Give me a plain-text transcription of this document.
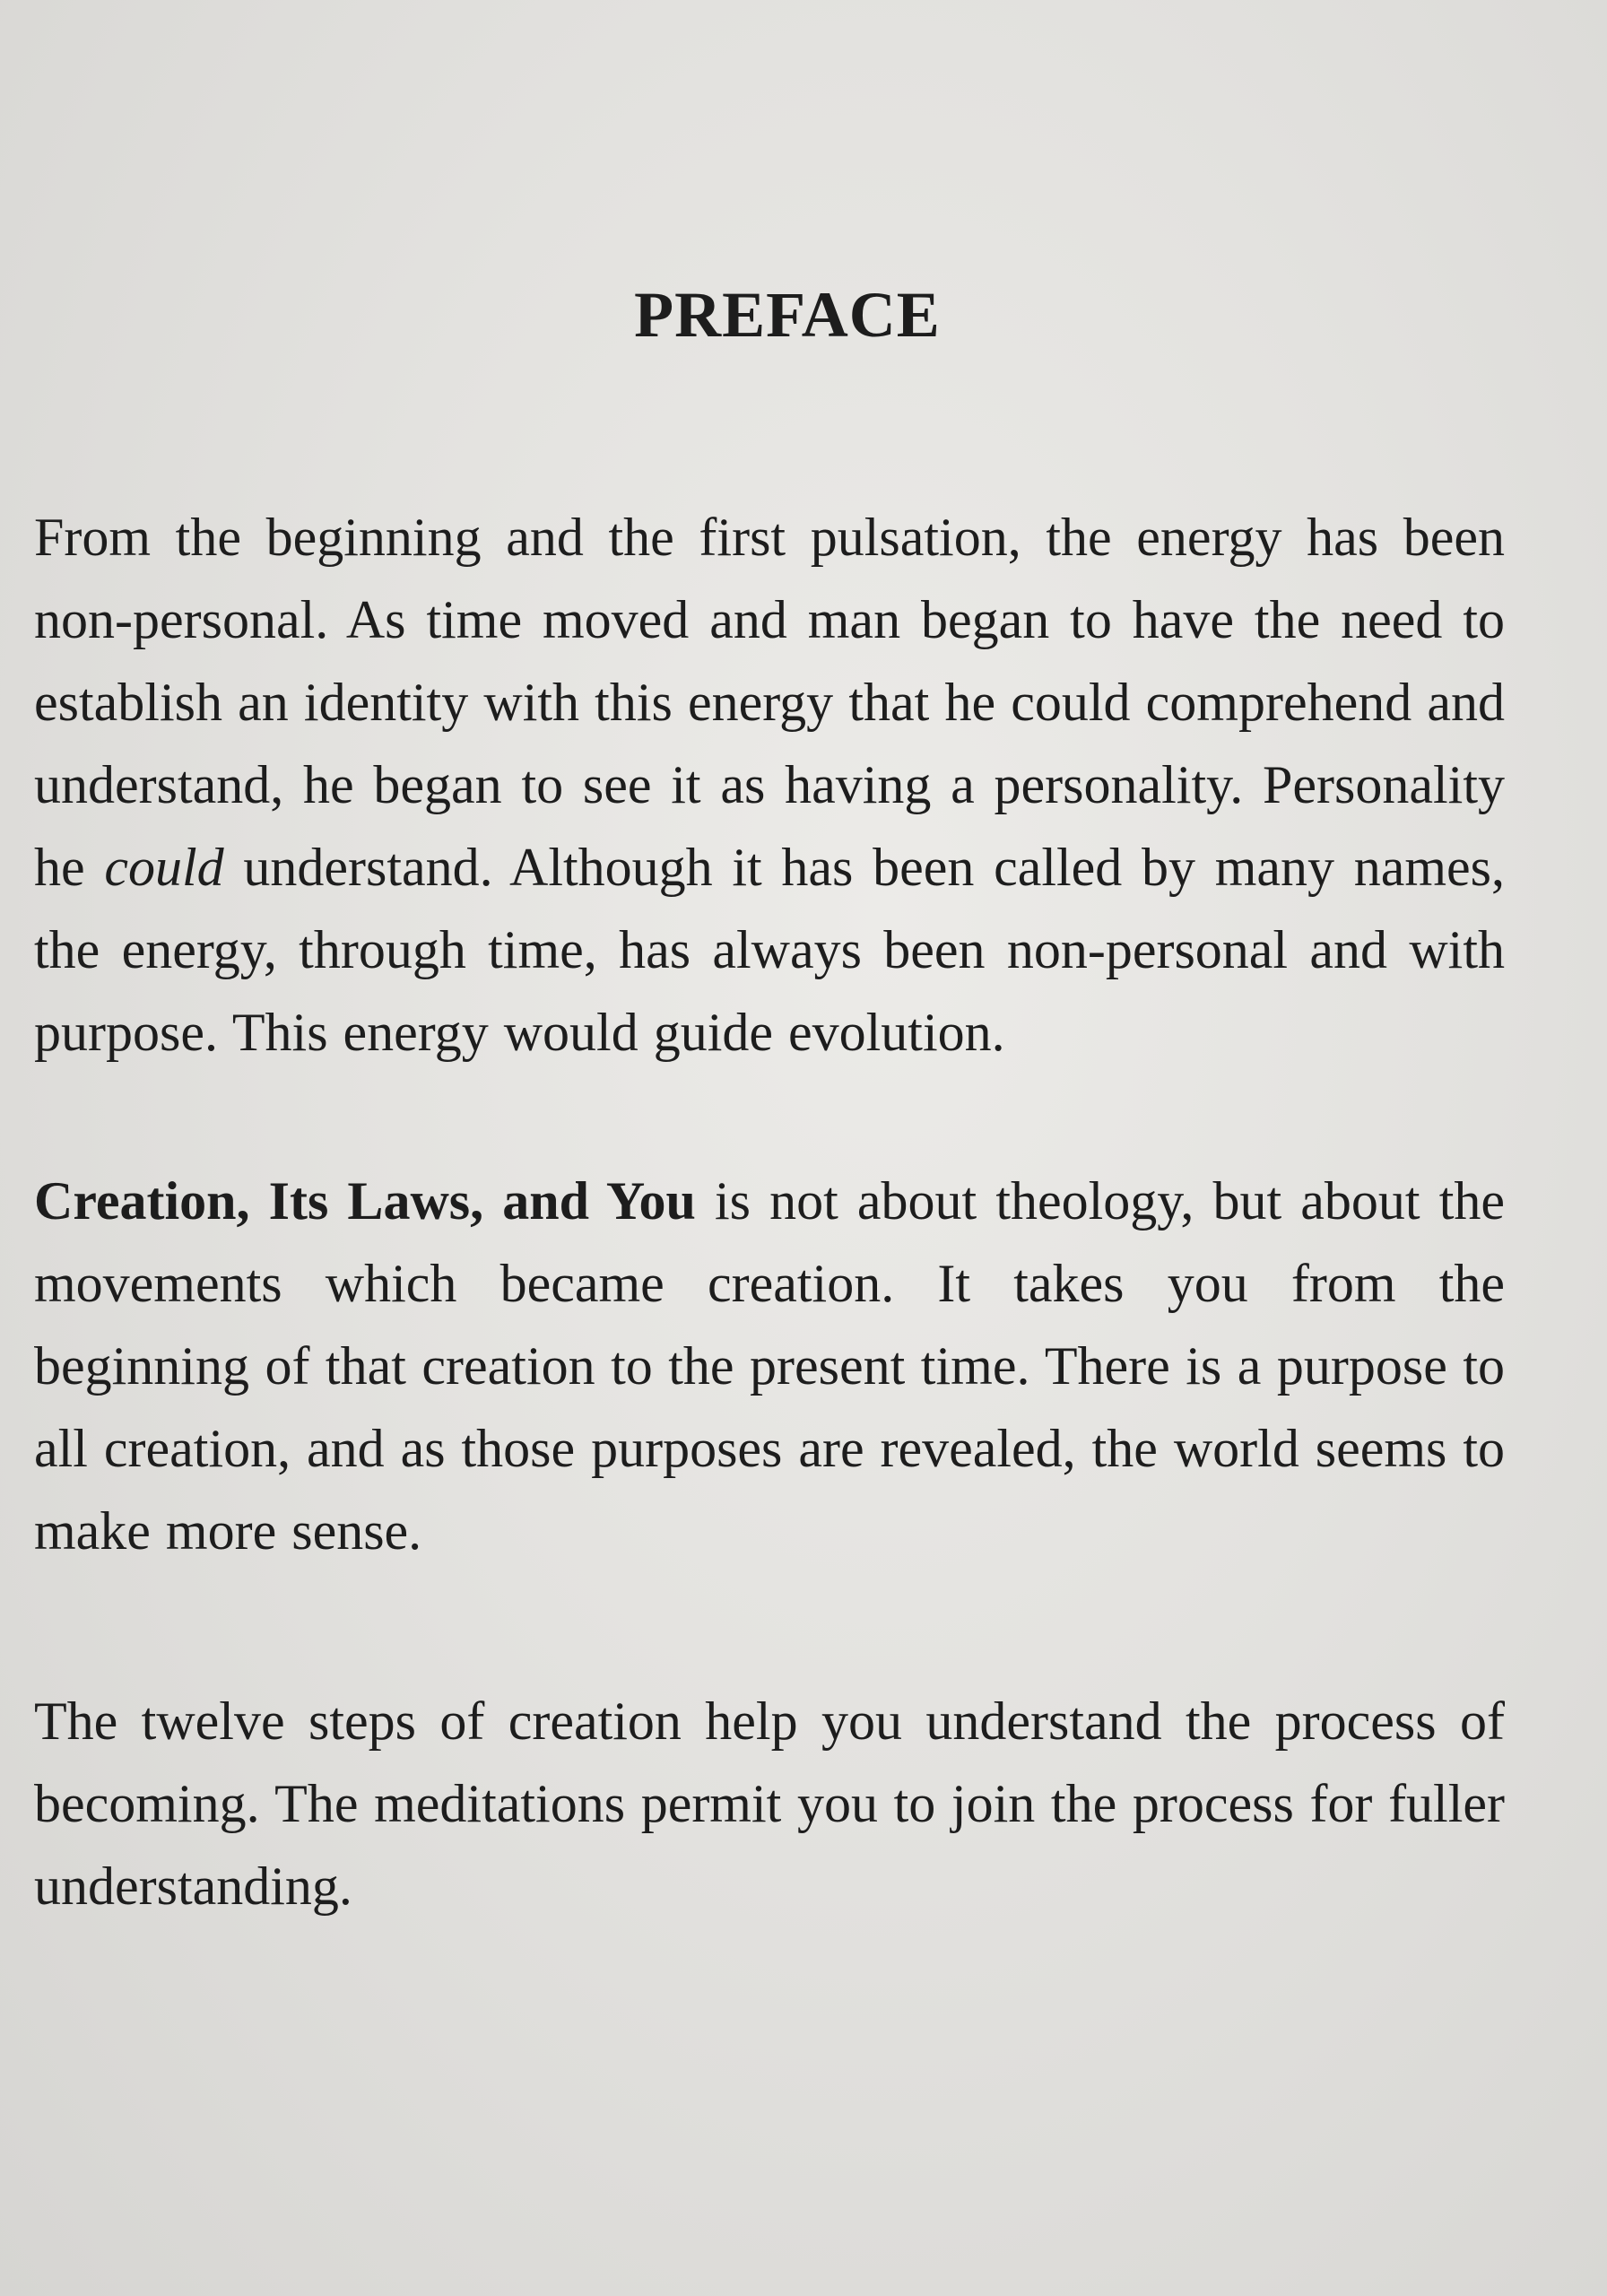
PREFACE

From the beginning and the first pulsation, the energy has been non-personal. As time moved and man began to have the need to establish an identity with this energy that he could comprehend and understand, he began to see it as having a personality. Personality he could understand. Although it has been called by many names, the energy, through time, has always been non-personal and with purpose. This energy would guide evolution.

Creation, Its Laws, and You is not about theology, but about the movements which became creation. It takes you from the beginning of that creation to the present time. There is a purpose to all creation, and as those purposes are revealed, the world seems to make more sense.

The twelve steps of creation help you understand the process of becoming. The meditations permit you to join the process for fuller understanding.
